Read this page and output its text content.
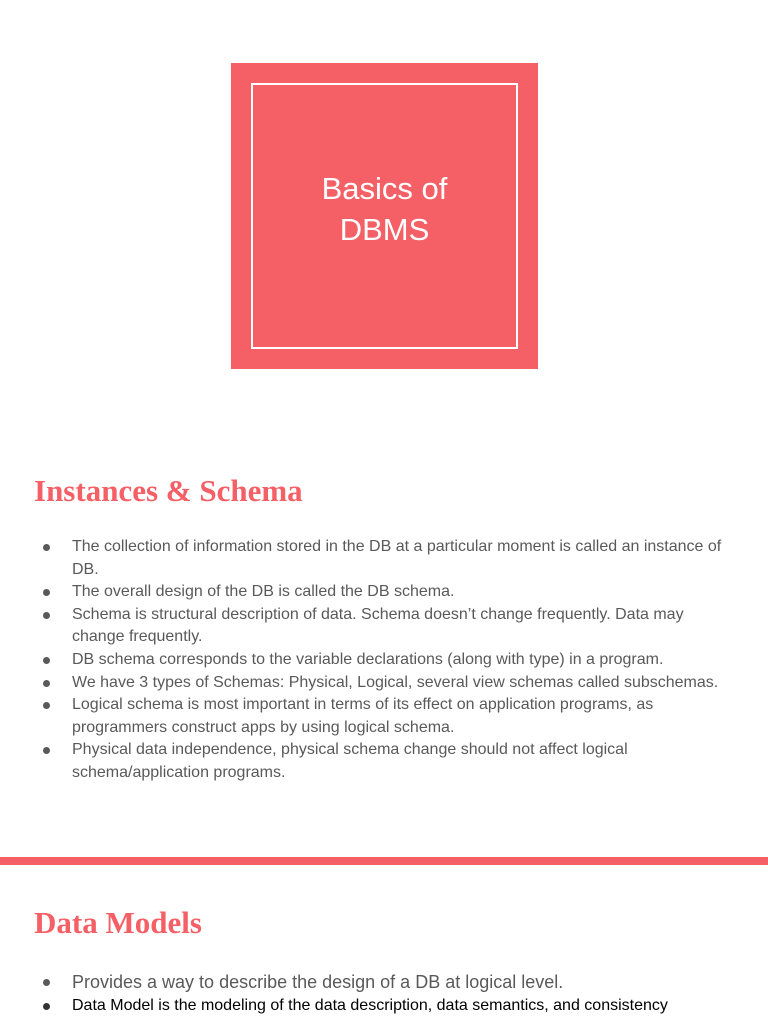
Basics of DBMS
Instances & Schema
The collection of information stored in the DB at a particular moment is called an instance of DB.
The overall design of the DB is called the DB schema.
Schema is structural description of data. Schema doesn’t change frequently. Data may change frequently.
DB schema corresponds to the variable declarations (along with type) in a program.
We have 3 types of Schemas: Physical, Logical, several view schemas called subschemas.
Logical schema is most important in terms of its effect on application programs, as programmers construct apps by using logical schema.
Physical data independence, physical schema change should not affect logical schema/application programs.
Data Models
Provides a way to describe the design of a DB at logical level.
Data Model is the modeling of the data description, data semantics, and consistency
